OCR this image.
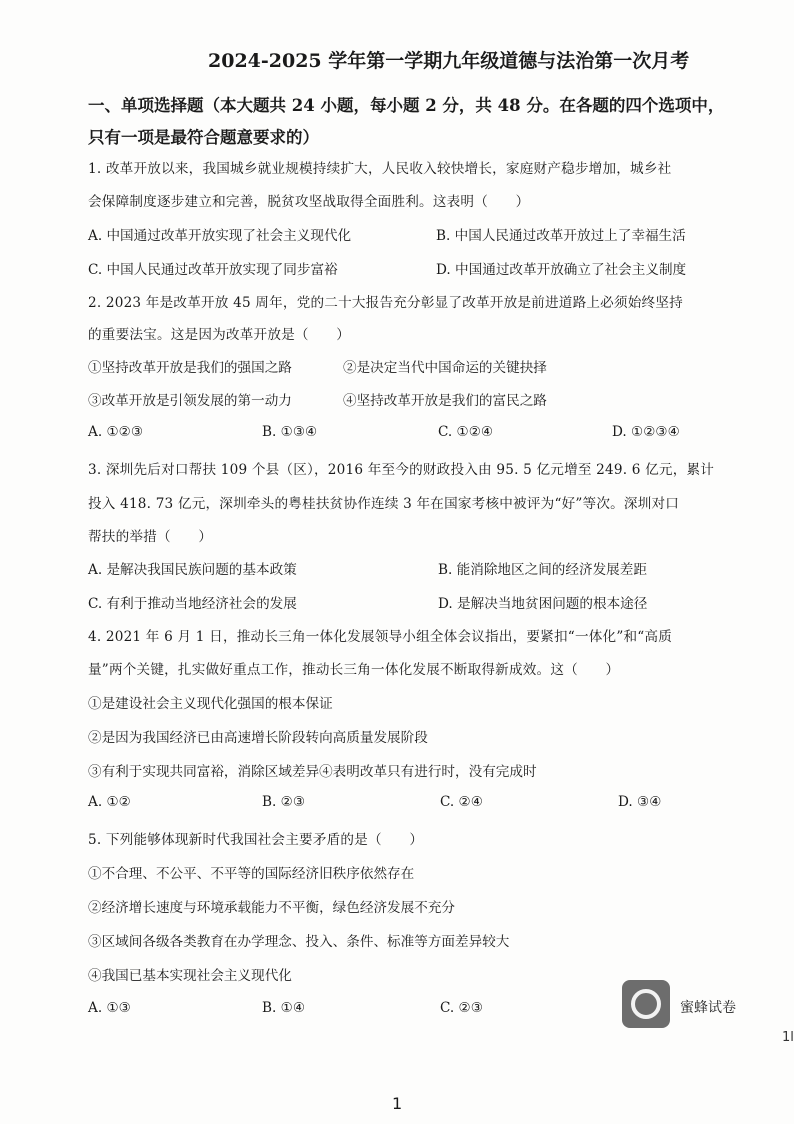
2024-2025 学年第一学期九年级道德与法治第一次月考
一、单项选择题（本大题共 24 小题，每小题 2 分，共 48 分。在各题的四个选项中，
只有一项是最符合题意要求的）
1. 改革开放以来，我国城乡就业规模持续扩大，人民收入较快增长，家庭财产稳步增加，城乡社
会保障制度逐步建立和完善，脱贫攻坚战取得全面胜利。这表明（　　）
A. 中国通过改革开放实现了社会主义现代化	B. 中国人民通过改革开放过上了幸福生活
C. 中国人民通过改革开放实现了同步富裕	D. 中国通过改革开放确立了社会主义制度
2. 2023 年是改革开放 45 周年，党的二十大报告充分彰显了改革开放是前进道路上必须始终坚持
的重要法宝。这是因为改革开放是（　　）
①坚持改革开放是我们的强国之路	②是决定当代中国命运的关键抉择
③改革开放是引领发展的第一动力	④坚持改革开放是我们的富民之路
A. ①②③	B. ①③④	C. ①②④	D. ①②③④
3. 深圳先后对口帮扶 109 个县（区），2016 年至今的财政投入由 95. 5 亿元增至 249. 6 亿元，累计
投入 418. 73 亿元，深圳牵头的粤桂扶贫协作连续 3 年在国家考核中被评为“好”等次。深圳对口
帮扶的举措（　　）
A. 是解决我国民族问题的基本政策	B. 能消除地区之间的经济发展差距
C. 有利于推动当地经济社会的发展	D. 是解决当地贫困问题的根本途径
4. 2021 年 6 月 1 日，推动长三角一体化发展领导小组全体会议指出，要紧扣“一体化”和“高质
量”两个关键，扎实做好重点工作，推动长三角一体化发展不断取得新成效。这（　　）
①是建设社会主义现代化强国的根本保证
②是因为我国经济已由高速增长阶段转向高质量发展阶段
③有利于实现共同富裕，消除区域差异④表明改革只有进行时，没有完成时
A. ①②	B. ②③	C. ②④	D. ③④
5. 下列能够体现新时代我国社会主要矛盾的是（　　）
①不合理、不公平、不平等的国际经济旧秩序依然存在
②经济增长速度与环境承载能力不平衡，绿色经济发展不充分
③区域间各级各类教育在办学理念、投入、条件、标准等方面差异较大
④我国已基本实现社会主义现代化
A. ①③	B. ①④	C. ②③	蜜蜂试卷
1l
1
